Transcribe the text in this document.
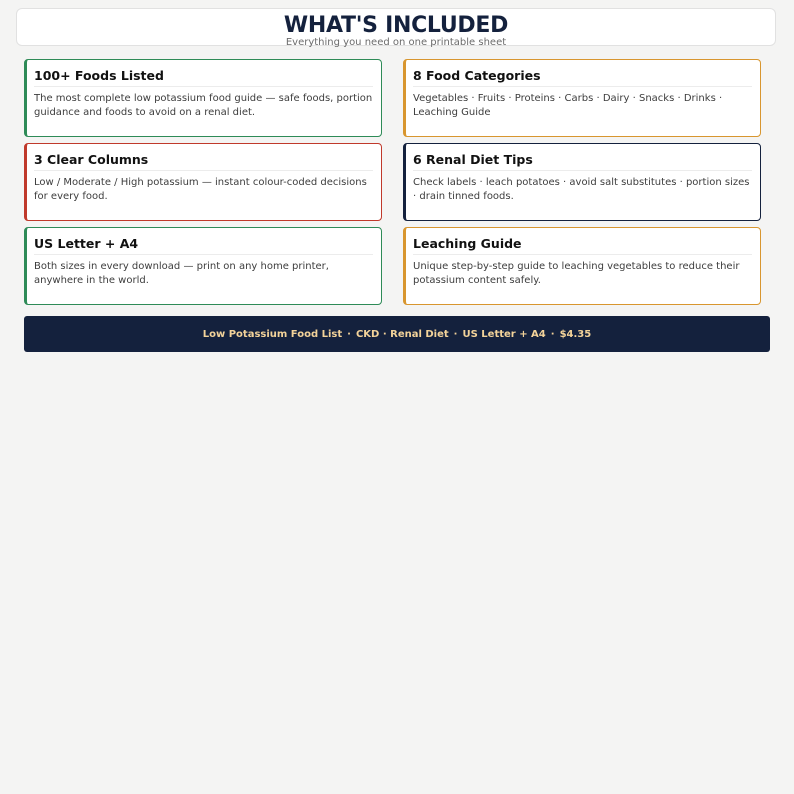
WHAT'S INCLUDED

Everything you need on one printable sheet

100+ Foods Listed
The most complete low potassium food guide — safe foods, portion guidance and foods to avoid on a renal diet.
8 Food Categories
Vegetables · Fruits · Proteins · Carbs · Dairy · Snacks · Drinks · Leaching Guide
3 Clear Columns
Low / Moderate / High potassium — instant colour-coded decisions for every food.
6 Renal Diet Tips
Check labels · leach potatoes · avoid salt substitutes · portion sizes · drain tinned foods.
US Letter + A4
Both sizes in every download — print on any home printer, anywhere in the world.
Leaching Guide
Unique step-by-step guide to leaching vegetables to reduce their potassium content safely.
Low Potassium Food List · CKD · Renal Diet · US Letter + A4 · $4.35
